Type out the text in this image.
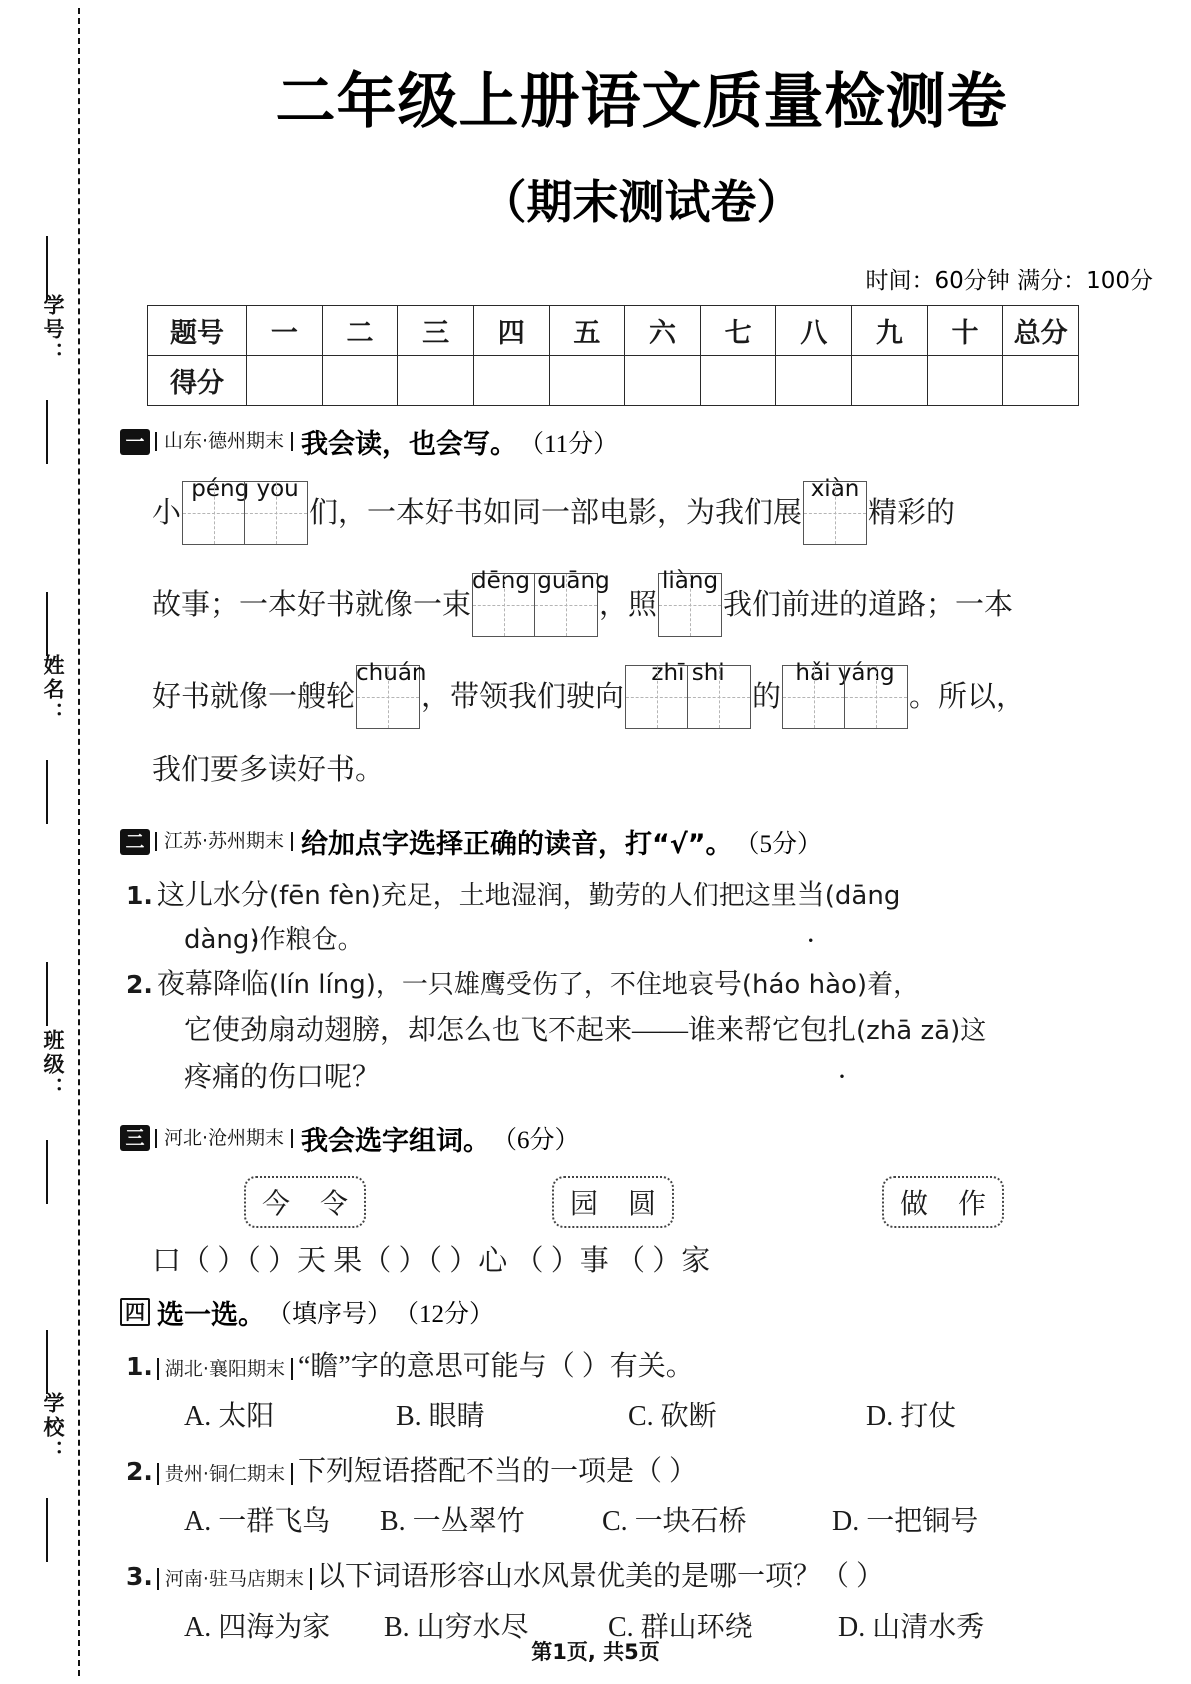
学号：
姓名：
班级：
学校：
二年级上册语文质量检测卷
（期末测试卷）
时间：60分钟 满分：100分
题号	一	二	三	四	五	六	七	八	九	十	总分
得分											
一	山东·德州期末 我会读，也会写。 （11分）
小
péng you
们，一本好书如同一部电影，为我们展
xiàn
精彩的
故事；一本好书就像一束
dēng guāng
，照
liàng
我们前进的道路；一本
好书就像一艘轮
chuán
，带领我们驶向
zhī shi
的
hǎi yáng
。所以，
我们要多读好书。
二	江苏·苏州期末 给加点字选择正确的读音，打“√”。 （5分）
1. 这儿水分(fēn fèn)充足，土地湿润，勤劳的人们把这里当(dāng
dàng)作粮仓。
2. 夜幕降临(lín líng)，一只雄鹰受伤了，不住地哀号(háo hào)着，
它使劲扇动翅膀，却怎么也飞不起来——谁来帮它包扎(zhā zā)这
疼痛的伤口呢？
三	河北·沧州期末 我会选字组词。 （6分）
今 令	园 圆	做 作
口（ ）（ ）天 果（ ）（ ）心 （ ）事 （ ）家
四 选一选。 （填序号） （12分）
1. 湖北·襄阳期末 “瞻”字的意思可能与（ ）有关。
A. 太阳	B. 眼睛	C. 砍断	D. 打仗
2. 贵州·铜仁期末 下列短语搭配不当的一项是（ ）
A. 一群飞鸟	B. 一丛翠竹	C. 一块石桥	D. 一把铜号
3. 河南·驻马店期末 以下词语形容山水风景优美的是哪一项？（ ）
A. 四海为家	B. 山穷水尽	C. 群山环绕	D. 山清水秀
第1页, 共5页
